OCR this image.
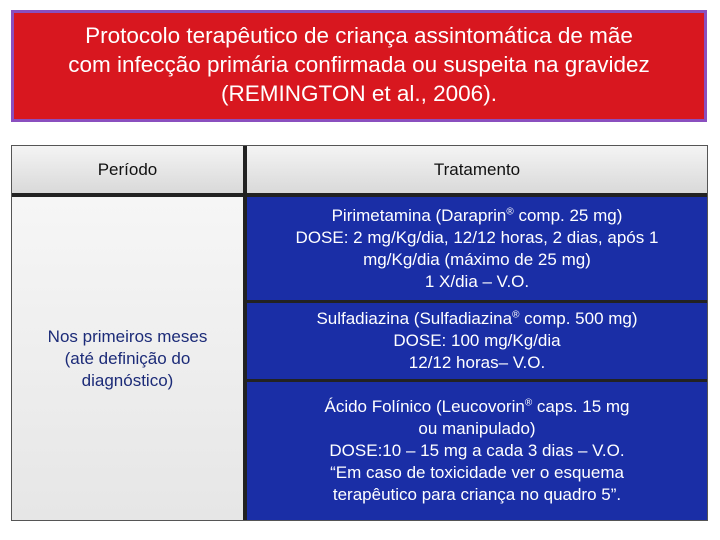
Protocolo terapêutico de criança assintomática de mãe
com infecção primária confirmada ou suspeita na gravidez
(REMINGTON et al., 2006).
Período	Tratamento
Nos primeiros meses
(até definição do
diagnóstico)
Pirimetamina (Daraprin® comp. 25 mg)
DOSE: 2 mg/Kg/dia, 12/12 horas, 2 dias, após 1
mg/Kg/dia (máximo de 25 mg)
1 X/dia – V.O.
Sulfadiazina (Sulfadiazina® comp. 500 mg)
DOSE: 100 mg/Kg/dia
12/12 horas– V.O.
Ácido Folínico (Leucovorin® caps. 15 mg
ou manipulado)
DOSE:10 – 15 mg a cada 3 dias – V.O.
“Em caso de toxicidade ver o esquema
terapêutico para criança no quadro 5”.
